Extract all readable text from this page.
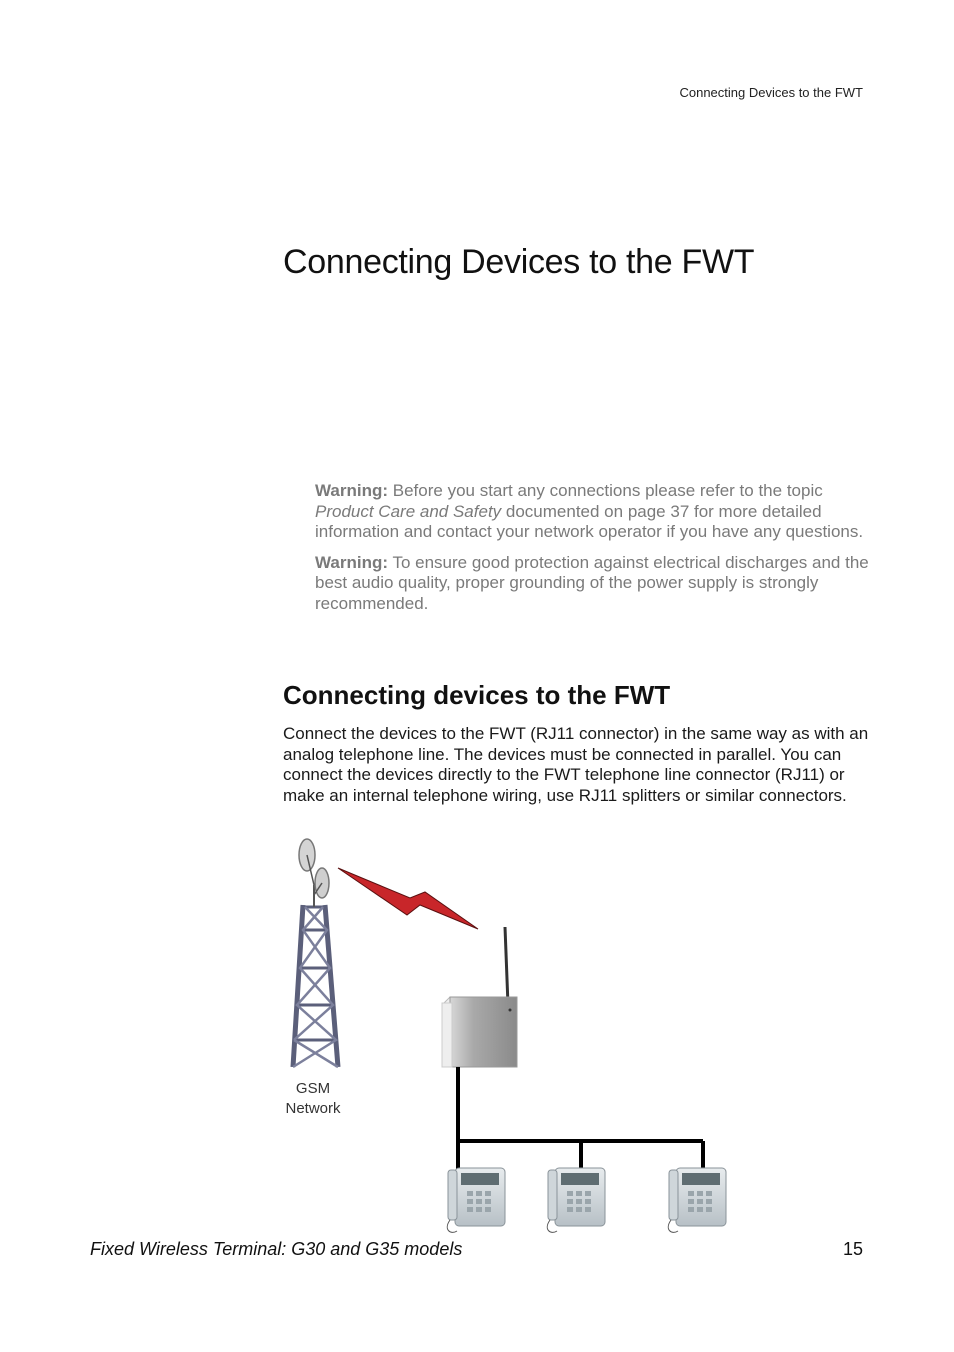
Connecting Devices to the FWT
Connecting Devices to the FWT

Warning: Before you start any connections please refer to the topic Product Care and Safety documented on page 37 for more detailed information and contact your network operator if you have any questions.

Warning: To ensure good protection against electrical discharges and the best audio quality, proper grounding of the power supply is strongly recommended.

Connecting devices to the FWT

Connect the devices to the FWT (RJ11 connector) in the same way as with an analog telephone line. The devices must be connected in parallel. You can connect the devices directly to the FWT telephone line connector (RJ11) or make an internal telephone wiring, use RJ11 splitters or similar connectors.

GSM
Network
Fixed Wireless Terminal: G30 and G35 models	15
